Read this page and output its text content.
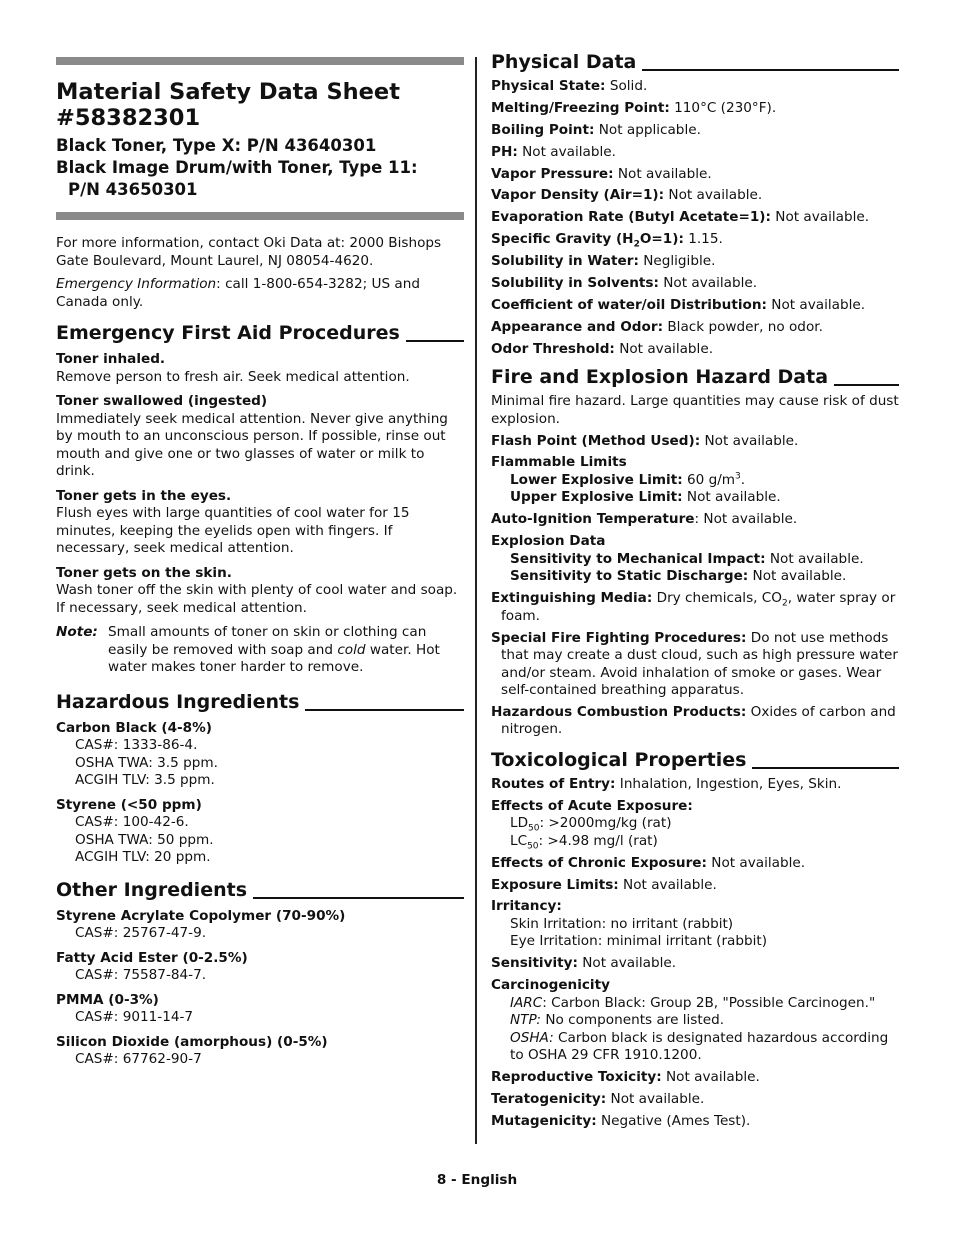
Material Safety Data Sheet
#58382301
Black Toner, Type X: P/N 43640301
Black Image Drum/with Toner, Type 11:
P/N 43650301

For more information, contact Oki Data at: 2000 Bishops Gate Boulevard, Mount Laurel, NJ 08054-4620.

Emergency Information: call 1-800-654-3282; US and Canada only.

Emergency First Aid Procedures
Toner inhaled.

Remove person to fresh air. Seek medical attention.

Toner swallowed (ingested)

Immediately seek medical attention. Never give anything by mouth to an unconscious person. If possible, rinse out mouth and give one or two glasses of water or milk to drink.

Toner gets in the eyes.

Flush eyes with large quantities of cool water for 15 minutes, keeping the eyelids open with fingers. If necessary, seek medical attention.

Toner gets on the skin.

Wash toner off the skin with plenty of cool water and soap. If necessary, seek medical attention.

Note: Small amounts of toner on skin or clothing can easily be removed with soap and cold water. Hot water makes toner harder to remove.
Hazardous Ingredients
Carbon Black (4-8%)
CAS#: 1333-86-4.
OSHA TWA: 3.5 ppm.
ACGIH TLV: 3.5 ppm.
Styrene (<50 ppm)
CAS#: 100-42-6.
OSHA TWA: 50 ppm.
ACGIH TLV: 20 ppm.
Other Ingredients
Styrene Acrylate Copolymer (70-90%)
CAS#: 25767-47-9.
Fatty Acid Ester (0-2.5%)
CAS#: 75587-84-7.
PMMA (0-3%)
CAS#: 9011-14-7
Silicon Dioxide (amorphous) (0-5%)
CAS#: 67762-90-7
Physical Data
Physical State: Solid.
Melting/Freezing Point: 110°C (230°F).
Boiling Point: Not applicable.
PH: Not available.
Vapor Pressure: Not available.
Vapor Density (Air=1): Not available.
Evaporation Rate (Butyl Acetate=1): Not available.
Specific Gravity $(H_2O=1)$: 1.15.
Solubility in Water: Negligible.
Solubility in Solvents: Not available.
Coefficient of water/oil Distribution: Not available.
Appearance and Odor: Black powder, no odor.
Odor Threshold: Not available.
Fire and Explosion Hazard Data

Minimal fire hazard. Large quantities may cause risk of dust explosion.

Flash Point (Method Used): Not available.
Flammable Limits
Lower Explosive Limit: 60 $g/m^3$.
Upper Explosive Limit: Not available.
Auto-Ignition Temperature: Not available.
Explosion Data
Sensitivity to Mechanical Impact: Not available.
Sensitivity to Static Discharge: Not available.
Extinguishing Media: Dry chemicals, $CO_2$, water spray or foam.
Special Fire Fighting Procedures: Do not use methods that may create a dust cloud, such as high pressure water and/or steam. Avoid inhalation of smoke or gases. Wear self-contained breathing apparatus.
Hazardous Combustion Products: Oxides of carbon and nitrogen.
Toxicological Properties
Routes of Entry: Inhalation, Ingestion, Eyes, Skin.
Effects of Acute Exposure:
$LD_{50}$: >2000mg/kg (rat)
$LC_{50}$: >4.98 mg/l (rat)
Effects of Chronic Exposure: Not available.
Exposure Limits: Not available.
Irritancy:
Skin Irritation: no irritant (rabbit)
Eye Irritation: minimal irritant (rabbit)
Sensitivity: Not available.
Carcinogenicity
IARC: Carbon Black: Group 2B, "Possible Carcinogen."
NTP: No components are listed.
OSHA: Carbon black is designated hazardous according to OSHA 29 CFR 1910.1200.
Reproductive Toxicity: Not available.
Teratogenicity: Not available.
Mutagenicity: Negative (Ames Test).
8 - English
